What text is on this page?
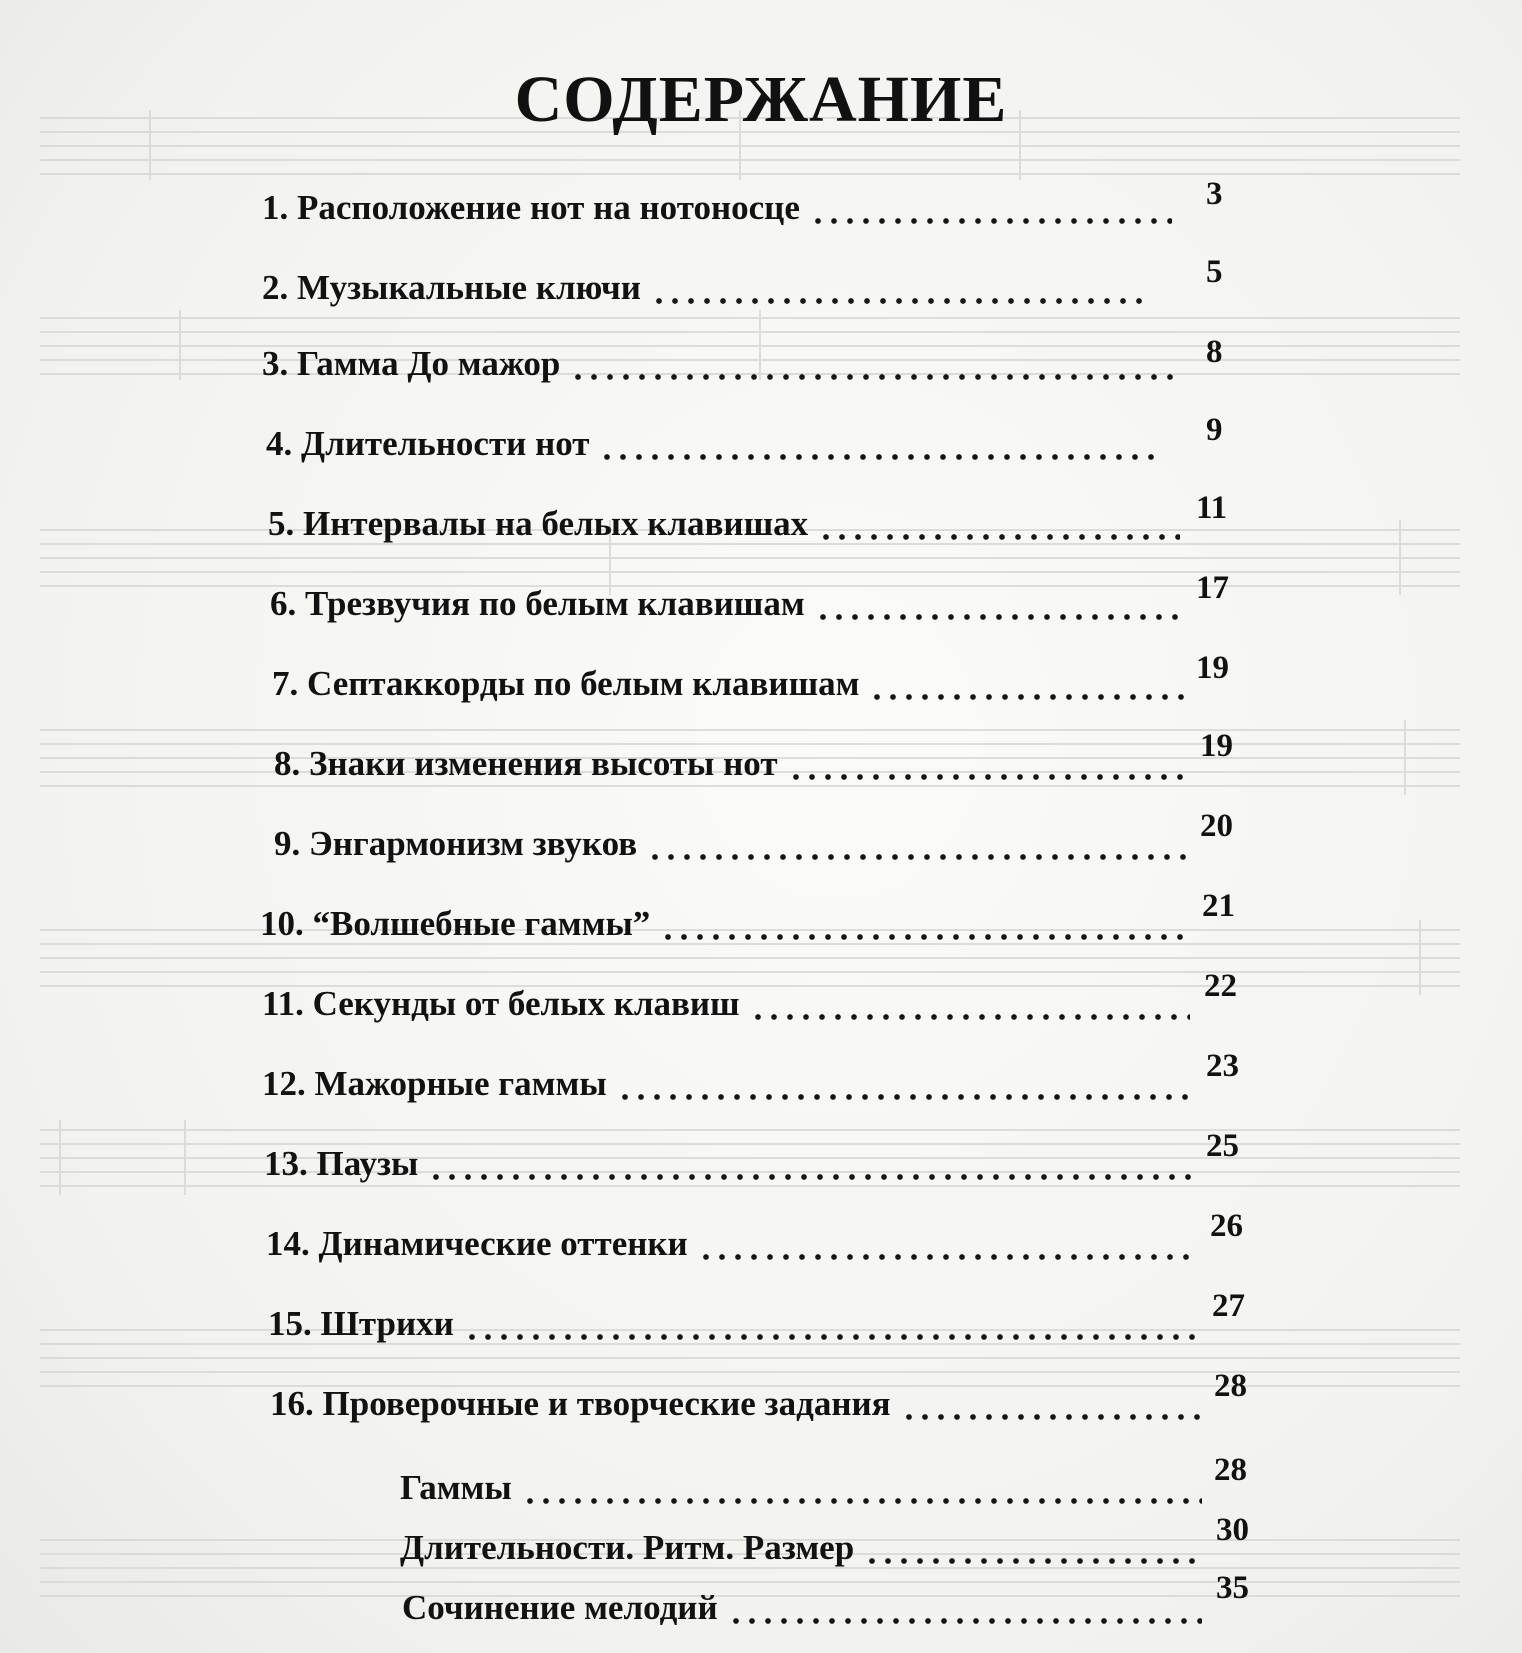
СОДЕРЖАНИЕ
1. Расположение нот на нотоносце	3
2. Музыкальные ключи	5
3. Гамма До мажор	8
4. Длительности нот	9
5. Интервалы на белых клавишах	11
6. Трезвучия по белым клавишам	17
7. Септаккорды по белым клавишам	19
8. Знаки изменения высоты нот	19
9. Энгармонизм звуков	20
10. “Волшебные гаммы”	21
11. Секунды от белых клавиш	22
12. Мажорные гаммы	23
13. Паузы	25
14. Динамические оттенки	26
15. Штрихи	27
16. Проверочные и творческие задания	28
Гаммы	28
Длительности. Ритм. Размер	30
Сочинение мелодий	35
